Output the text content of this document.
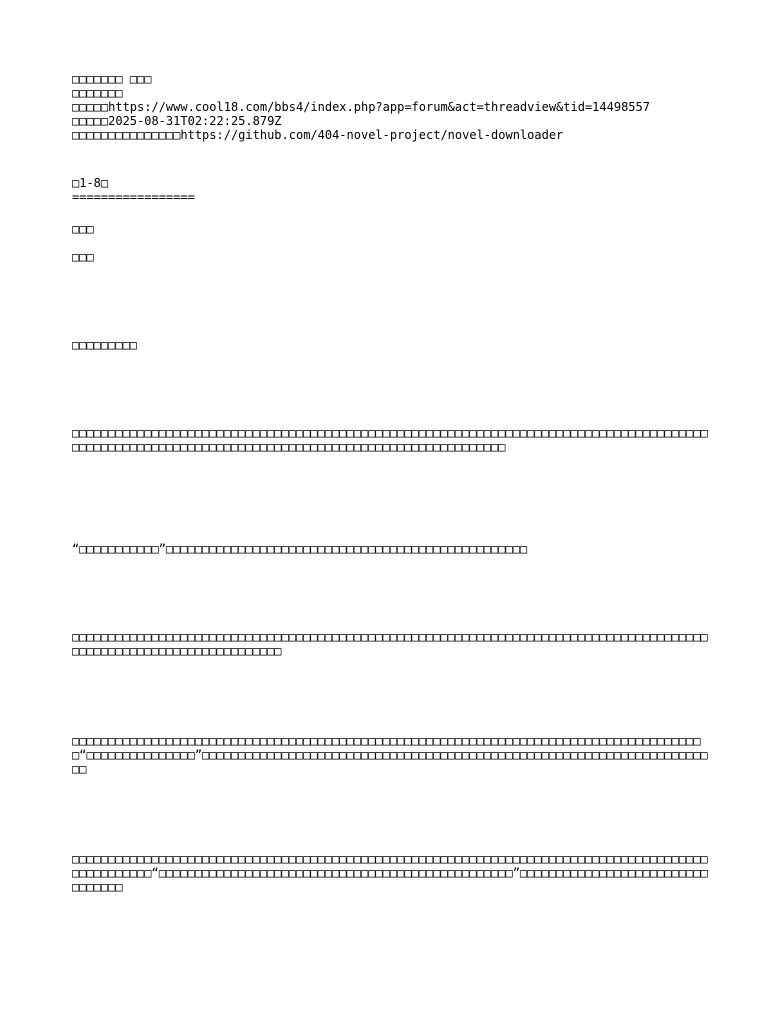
□□□□□□□ □□□
□□□□□□□
□□□□□https://www.cool18.com/bbs4/index.php?app=forum&act=threadview&tid=14498557
□□□□□2025-08-31T02:22:25.879Z
□□□□□□□□□□□□□□□https://github.com/404-novel-project/novel-downloader
□1-8□
=================
□□□
□□□
□□□□□□□□□
□□□□□□□□□□□□□□□□□□□□□□□□□□□□□□□□□□□□□□□□□□□□□□□□□□□□□□□□□□□□□□□□□□□□□□□□□□□□□□□□□□□□□□□□□□□□□□□□□□□□□□□□□□□□□□□□□□□□□□□□□□□□□□□□□□□□□□□□□□□□□□□□□□□□
“□□□□□□□□□□□”□□□□□□□□□□□□□□□□□□□□□□□□□□□□□□□□□□□□□□□□□□□□□□□□□□
□□□□□□□□□□□□□□□□□□□□□□□□□□□□□□□□□□□□□□□□□□□□□□□□□□□□□□□□□□□□□□□□□□□□□□□□□□□□□□□□□□□□□□□□□□□□□□□□□□□□□□□□□□□□□□□□□□□□□
□□□□□□□□□□□□□□□□□□□□□□□□□□□□□□□□□□□□□□□□□□□□□□□□□□□□□□□□□□□□□□□□□□□□□□□□□□□□□□□□□□□□□□□□“□□□□□□□□□□□□□□□”□□□□□□□□□□□□□□□□□□□□□□□□□□□□□□□□□□□□□□□□□□□□□□□□□□□□□□□□□□□□□□□□□□□□□□□□
□□□□□□□□□□□□□□□□□□□□□□□□□□□□□□□□□□□□□□□□□□□□□□□□□□□□□□□□□□□□□□□□□□□□□□□□□□□□□□□□□□□□□□□□□□□□□□□□□□□“□□□□□□□□□□□□□□□□□□□□□□□□□□□□□□□□□□□□□□□□□□□□□□□□□”□□□□□□□□□□□□□□□□□□□□□□□□□□□□□□□□□
